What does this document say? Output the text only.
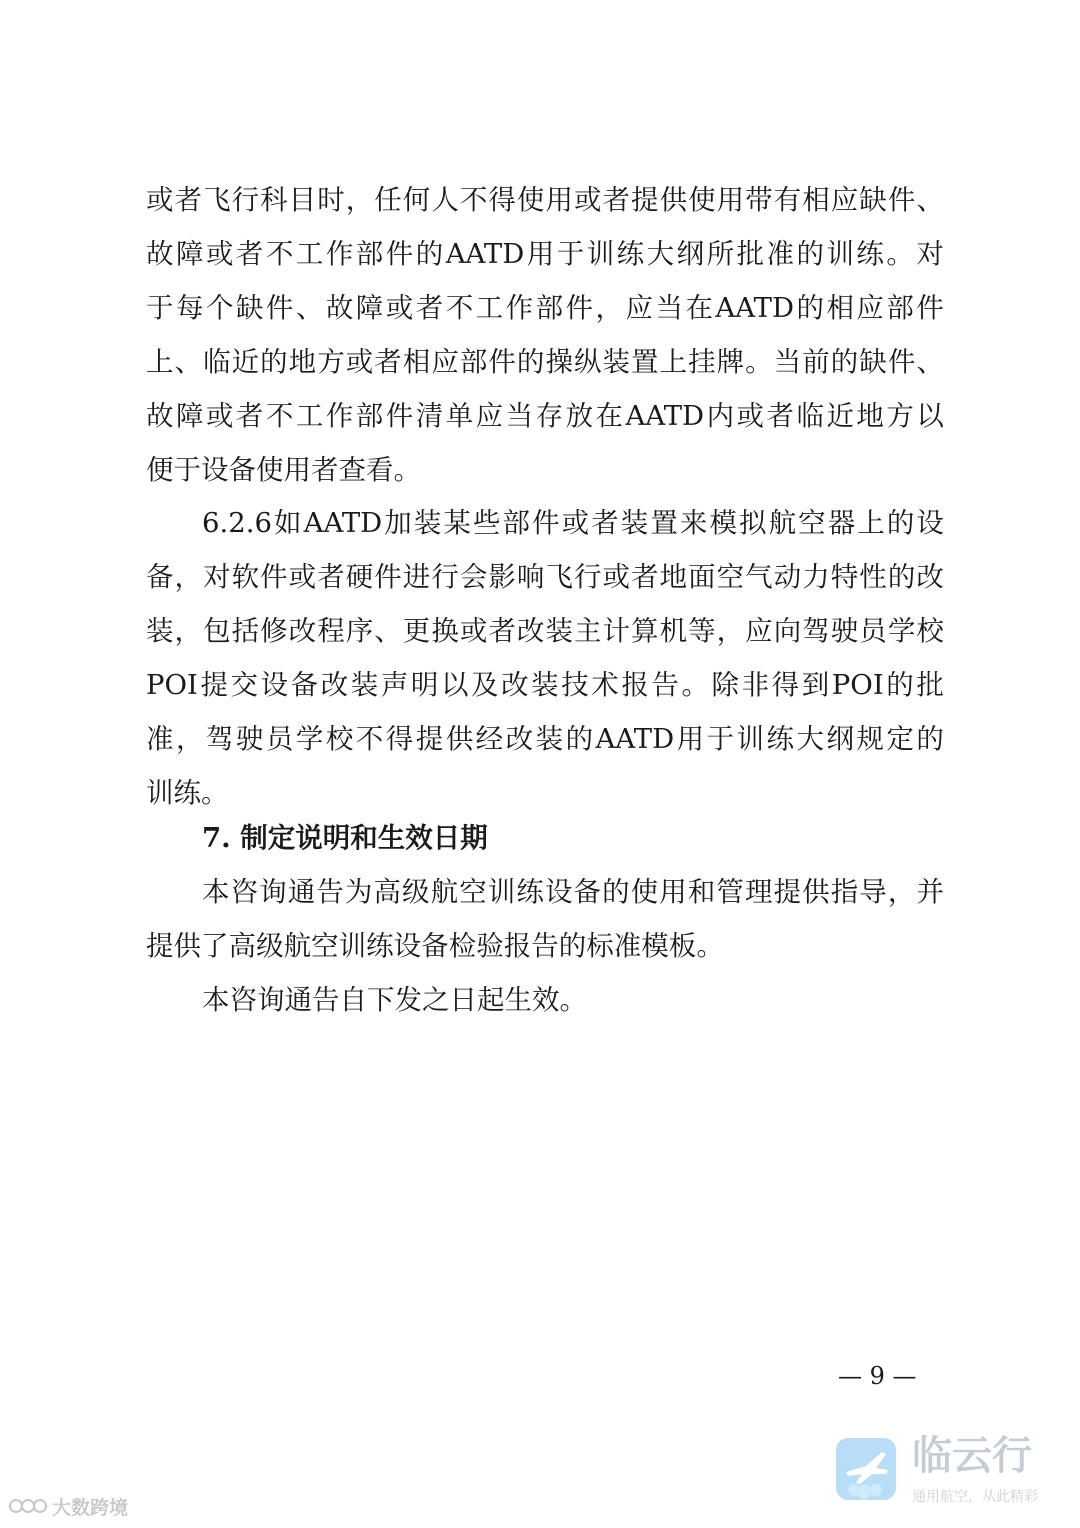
或 者 飞 行 科 目 时 ， 任 何 人 不 得 使 用 或 者 提 供 使 用 带 有 相 应 缺 件 、
故 障 或 者 不 工 作 部 件 的 AATD 用 于 训 练 大 纲 所 批 准 的 训 练 。 对
于 每 个 缺 件 、 故 障 或 者 不 工 作 部 件 ， 应 当 在 AATD 的 相 应 部 件
上 、 临 近 的 地 方 或 者 相 应 部 件 的 操 纵 装 置 上 挂 牌 。 当 前 的 缺 件 、
故 障 或 者 不 工 作 部 件 清 单 应 当 存 放 在 AATD 内 或 者 临 近 地 方 以
便 于 设 备 使 用 者 查 看 。
6.2.6 如 AATD 加 装 某 些 部 件 或 者 装 置 来 模 拟 航 空 器 上 的 设
备 ， 对 软 件 或 者 硬 件 进 行 会 影 响 飞 行 或 者 地 面 空 气 动 力 特 性 的 改
装 ， 包 括 修 改 程 序 、 更 换 或 者 改 装 主 计 算 机 等 ， 应 向 驾 驶 员 学 校
POI 提 交 设 备 改 装 声 明 以 及 改 装 技 术 报 告 。 除 非 得 到 POI 的 批
准 ， 驾 驶 员 学 校 不 得 提 供 经 改 装 的 AATD 用 于 训 练 大 纲 规 定 的
训 练 。
7. 制定说明和生效日期
本 咨 询 通 告 为 高 级 航 空 训 练 设 备 的 使 用 和 管 理 提 供 指 导 ， 并
提 供 了 高 级 航 空 训 练 设 备 检 验 报 告 的 标 准 模 板 。
本 咨 询 通 告 自 下 发 之 日 起 生 效 。
— 9 —
大数跨境
临云行
通用航空，从此精彩
